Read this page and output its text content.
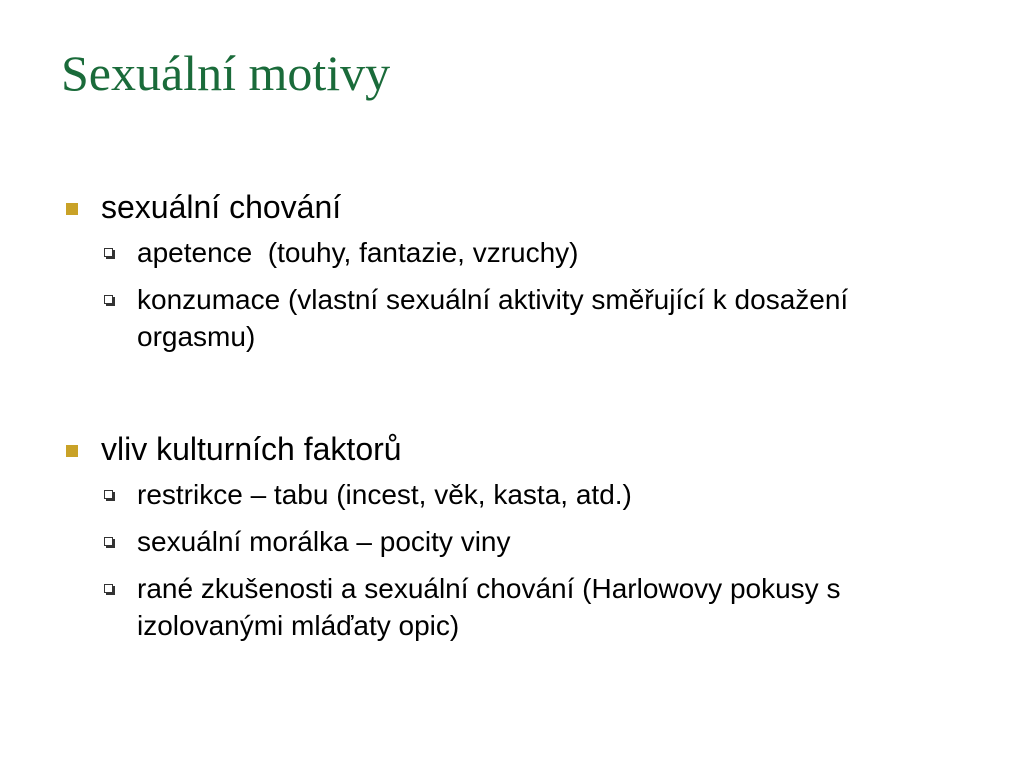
Sexuální motivy
sexuální chování
apetence  (touhy, fantazie, vzruchy)
konzumace (vlastní sexuální aktivity směřující k dosažení orgasmu)
vliv kulturních faktorů
restrikce – tabu (incest, věk, kasta, atd.)
sexuální morálka – pocity viny
rané zkušenosti a sexuální chování (Harlowovy pokusy s izolovanými mláďaty opic)
